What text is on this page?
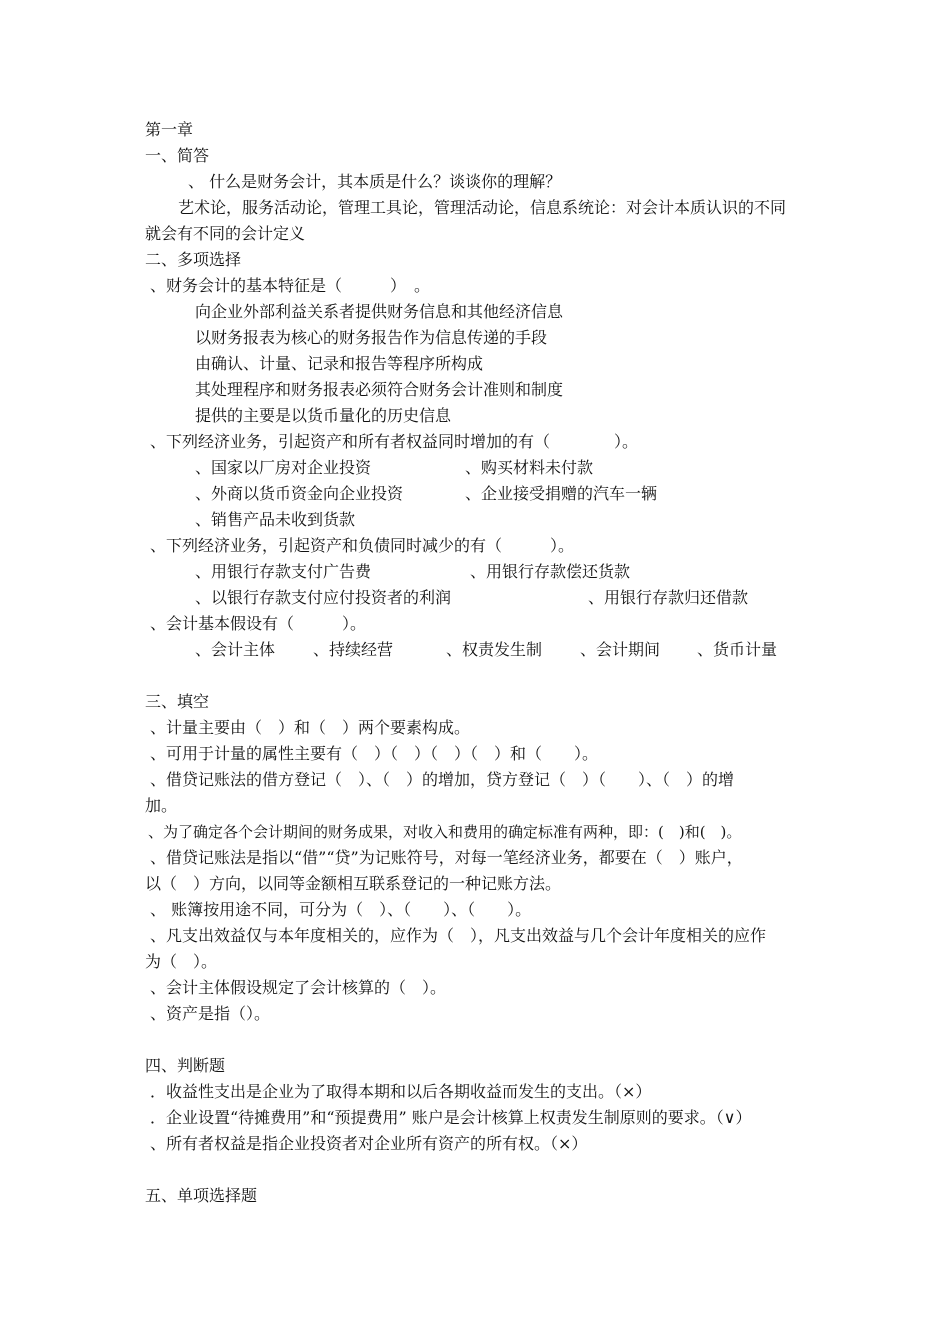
第一章
一、简答
、 什么是财务会计，其本质是什么？谈谈你的理解？
艺术论，服务活动论，管理工具论，管理活动论，信息系统论：对会计本质认识的不同
就会有不同的会计定义
二、多项选择
、财务会计的基本特征是（　　　）　。
向企业外部利益关系者提供财务信息和其他经济信息
以财务报表为核心的财务报告作为信息传递的手段
由确认、计量、记录和报告等程序所构成
其处理程序和财务报表必须符合财务会计准则和制度
提供的主要是以货币量化的历史信息
、下列经济业务，引起资产和所有者权益同时增加的有（　　　　）。
、国家以厂房对企业投资	、购买材料未付款
、外商以货币资金向企业投资	、企业接受捐赠的汽车一辆
、销售产品未收到货款
、下列经济业务，引起资产和负债同时减少的有（　　　）。
、用银行存款支付广告费	、用银行存款偿还货款
、以银行存款支付应付投资者的利润	、用银行存款归还借款
、会计基本假设有（　　　）。
、会计主体 、持续经营	、权责发生制 、会计期间 、货币计量
三、填空
、计量主要由（　）和（　）两个要素构成。
、可用于计量的属性主要有（　）（　）（　）（　）和（　　）。
、借贷记账法的借方登记（　）、（　）的增加，贷方登记（　）（　　）、（　）的增
加。
、为了确定各个会计期间的财务成果，对收入和费用的确定标准有两种，即：(　)和(　)。
、借贷记账法是指以“借”“贷”为记账符号，对每一笔经济业务，都要在（　）账户，
以（　）方向，以同等金额相互联系登记的一种记账方法。
、 账簿按用途不同，可分为（　）、（　　）、（　　）。
、凡支出效益仅与本年度相关的，应作为（　），凡支出效益与几个会计年度相关的应作
为（　）。
、会计主体假设规定了会计核算的（　）。
、资产是指（）。
四、判断题
．收益性支出是企业为了取得本期和以后各期收益而发生的支出。（×）
．企业设置“待摊费用”和“预提费用” 账户是会计核算上权责发生制原则的要求。（∨）
、所有者权益是指企业投资者对企业所有资产的所有权。（×）
五、单项选择题
